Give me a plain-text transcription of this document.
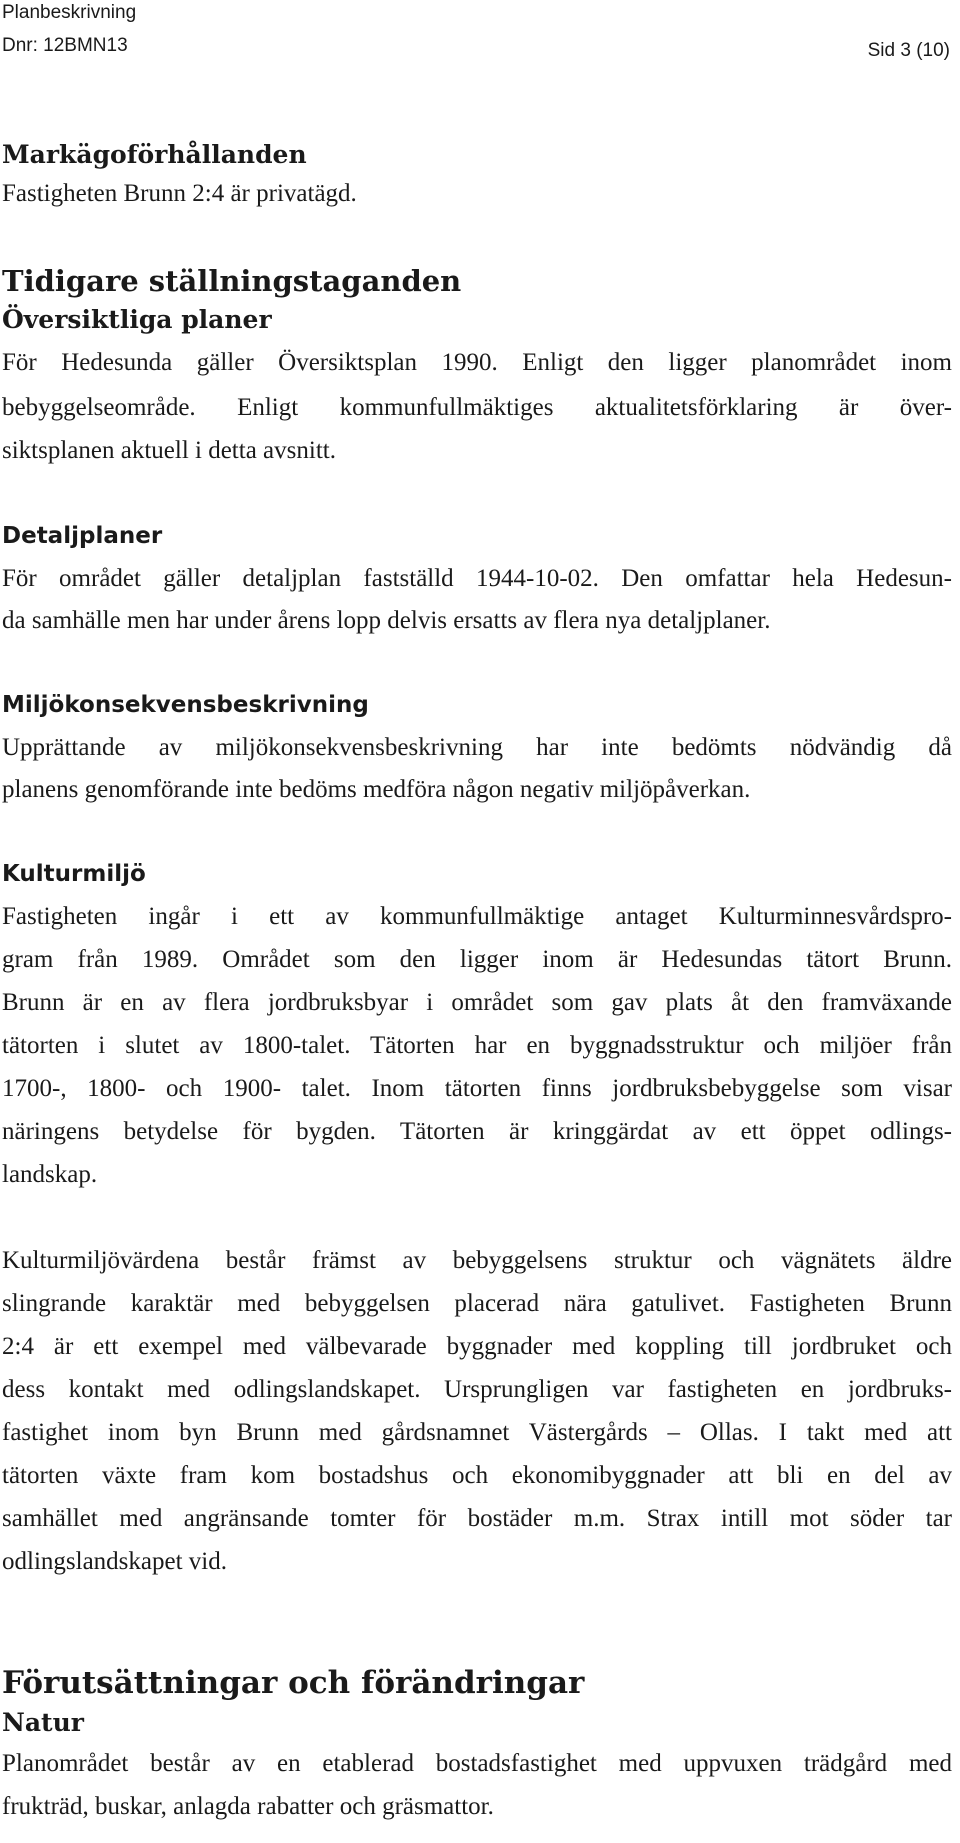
Planbeskrivning
Dnr: 12BMN13	Sid 3 (10)
Markägoförhållanden
Fastigheten Brunn 2:4 är privatägd.
Tidigare ställningstaganden
Översiktliga planer
För Hedesunda gäller Översiktsplan 1990. Enligt den ligger planområdet inom
bebyggelseområde. Enligt kommunfullmäktiges aktualitetsförklaring är över-
siktsplanen aktuell i detta avsnitt.
Detaljplaner
För området gäller detaljplan fastställd 1944-10-02. Den omfattar hela Hedesun-
da samhälle men har under årens lopp delvis ersatts av flera nya detaljplaner.
Miljökonsekvensbeskrivning
Upprättande av miljökonsekvensbeskrivning har inte bedömts nödvändig då
planens genomförande inte bedöms medföra någon negativ miljöpåverkan.
Kulturmiljö
Fastigheten ingår i ett av kommunfullmäktige antaget Kulturminnesvårdspro-
gram från 1989. Området som den ligger inom är Hedesundas tätort Brunn.
Brunn är en av flera jordbruksbyar i området som gav plats åt den framväxande
tätorten i slutet av 1800-talet. Tätorten har en byggnadsstruktur och miljöer från
1700-, 1800- och 1900- talet. Inom tätorten finns jordbruksbebyggelse som visar
näringens betydelse för bygden. Tätorten är kringgärdat av ett öppet odlings-
landskap.
Kulturmiljövärdena består främst av bebyggelsens struktur och vägnätets äldre
slingrande karaktär med bebyggelsen placerad nära gatulivet. Fastigheten Brunn
2:4 är ett exempel med välbevarade byggnader med koppling till jordbruket och
dess kontakt med odlingslandskapet. Ursprungligen var fastigheten en jordbruks-
fastighet inom byn Brunn med gårdsnamnet Västergårds – Ollas. I takt med att
tätorten växte fram kom bostadshus och ekonomibyggnader att bli en del av
samhället med angränsande tomter för bostäder m.m. Strax intill mot söder tar
odlingslandskapet vid.
Förutsättningar och förändringar
Natur
Planområdet består av en etablerad bostadsfastighet med uppvuxen trädgård med
frukträd, buskar, anlagda rabatter och gräsmattor.
